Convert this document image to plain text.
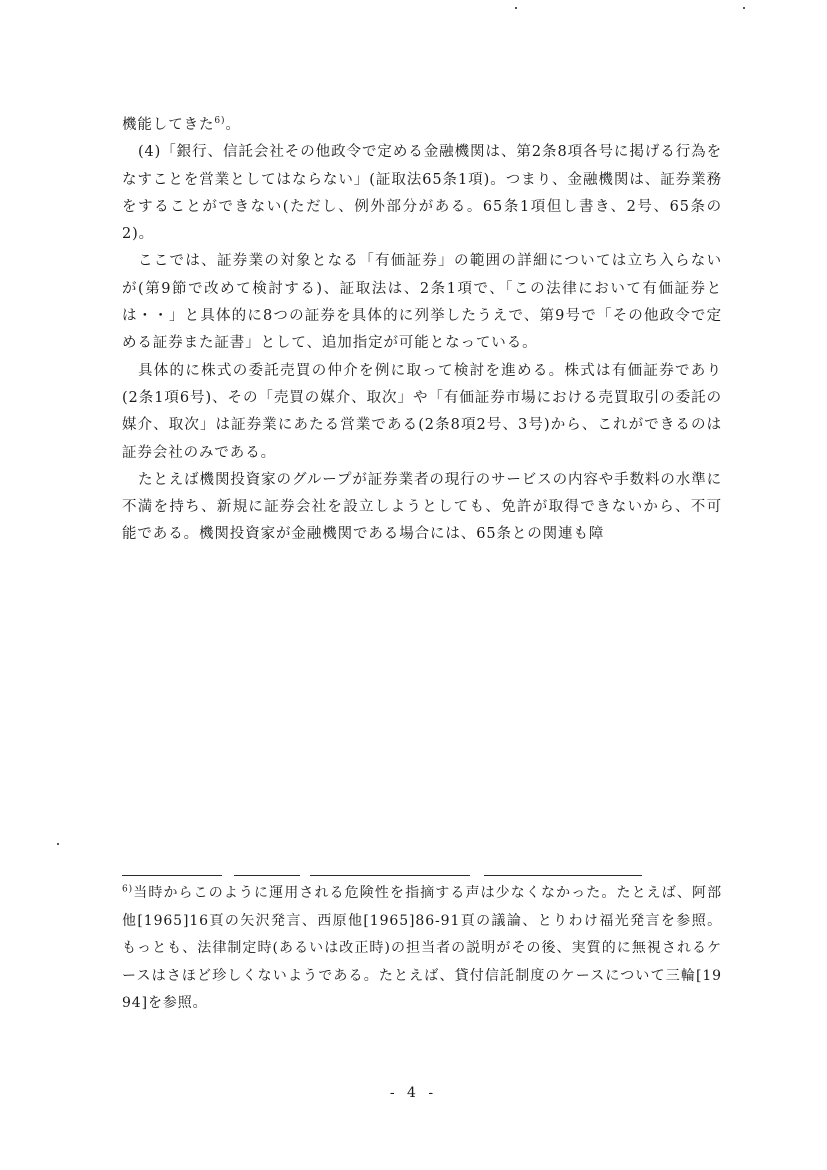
機能してきた$^{6)}$。

(4)「銀行、信託会社その他政令で定める金融機関は、第2条8項各号に掲げる行為をなすことを営業としてはならない」(証取法65条1項)。つまり、金融機関は、証券業務をすることができない(ただし、例外部分がある。65条1項但し書き、2号、65条の2)。

ここでは、証券業の対象となる「有価証券」の範囲の詳細については立ち入らないが(第9節で改めて検討する)、証取法は、2条1項で、「この法律において有価証券とは・・」と具体的に8つの証券を具体的に列挙したうえで、第9号で「その他政令で定める証券また証書」として、追加指定が可能となっている。

具体的に株式の委託売買の仲介を例に取って検討を進める。株式は有価証券であり(2条1項6号)、その「売買の媒介、取次」や「有価証券市場における売買取引の委託の媒介、取次」は証券業にあたる営業である(2条8項2号、3号)から、これができるのは証券会社のみである。

たとえば機関投資家のグループが証券業者の現行のサービスの内容や手数料の水準に不満を持ち、新規に証券会社を設立しようとしても、免許が取得できないから、不可能である。機関投資家が金融機関である場合には、65条との関連も障

$^{6)}$当時からこのように運用される危険性を指摘する声は少なくなかった。たとえば、阿部他[1965]16頁の矢沢発言、西原他[1965]86-91頁の議論、とりわけ福光発言を参照。もっとも、法律制定時(あるいは改正時)の担当者の説明がその後、実質的に無視されるケースはさほど珍しくないようである。たとえば、貸付信託制度のケースについて三輪[1994]を参照。

- 4 -
